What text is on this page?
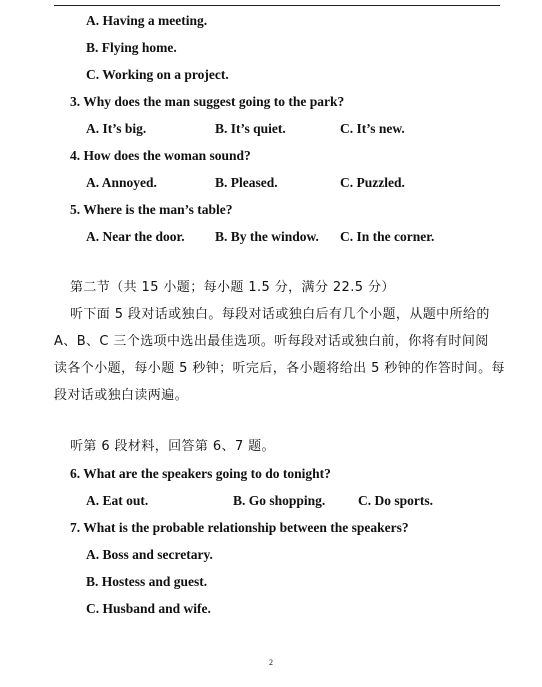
A. Having a meeting.
B. Flying home.
C. Working on a project.
3. Why does the man suggest going to the park?
A. It’s big.	B. It’s quiet.	C. It’s new.
4. How does the woman sound?
A. Annoyed.	B. Pleased.	C. Puzzled.
5. Where is the man’s table?
A. Near the door. B. By the window. C. In the corner.
第二节（共 15 小题；每小题 1.5 分，满分 22.5 分）
听下面 5 段对话或独白。每段对话或独白后有几个小题，从题中所给的
A、B、C 三个选项中选出最佳选项。听每段对话或独白前，你将有时间阅
读各个小题，每小题 5 秒钟；听完后，各小题将给出 5 秒钟的作答时间。每
段对话或独白读两遍。
听第 6 段材料，回答第 6、7 题。
6. What are the speakers going to do tonight?
A. Eat out.	B. Go shopping. C. Do sports.
7. What is the probable relationship between the speakers?
A. Boss and secretary.
B. Hostess and guest.
C. Husband and wife.
2
